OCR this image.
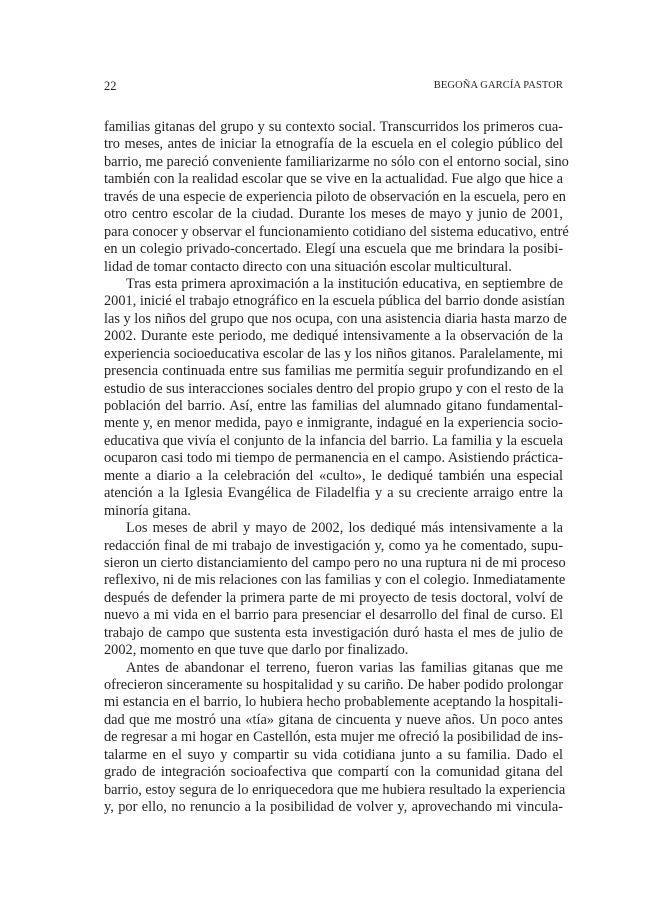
22	BEGOÑA GARCÍA PASTOR
familias gitanas del grupo y su contexto social. Transcurridos los primeros cua-
tro meses, antes de iniciar la etnografía de la escuela en el colegio público del
barrio, me pareció conveniente familiarizarme no sólo con el entorno social, sino
también con la realidad escolar que se vive en la actualidad. Fue algo que hice a
través de una especie de experiencia piloto de observación en la escuela, pero en
otro centro escolar de la ciudad. Durante los meses de mayo y junio de 2001,
para conocer y observar el funcionamiento cotidiano del sistema educativo, entré
en un colegio privado-concertado. Elegí una escuela que me brindara la posibi-
lidad de tomar contacto directo con una situación escolar multicultural.
Tras esta primera aproximación a la institución educativa, en septiembre de
2001, inicié el trabajo etnográfico en la escuela pública del barrio donde asistían
las y los niños del grupo que nos ocupa, con una asistencia diaria hasta marzo de
2002. Durante este periodo, me dediqué intensivamente a la observación de la
experiencia socioeducativa escolar de las y los niños gitanos. Paralelamente, mi
presencia continuada entre sus familias me permitía seguir profundizando en el
estudio de sus interacciones sociales dentro del propio grupo y con el resto de la
población del barrio. Así, entre las familias del alumnado gitano fundamental-
mente y, en menor medida, payo e inmigrante, indagué en la experiencia socio-
educativa que vivía el conjunto de la infancia del barrio. La familia y la escuela
ocuparon casi todo mi tiempo de permanencia en el campo. Asistiendo práctica-
mente a diario a la celebración del «culto», le dediqué también una especial
atención a la Iglesia Evangélica de Filadelfia y a su creciente arraigo entre la
minoría gitana.
Los meses de abril y mayo de 2002, los dediqué más intensivamente a la
redacción final de mi trabajo de investigación y, como ya he comentado, supu-
sieron un cierto distanciamiento del campo pero no una ruptura ni de mi proceso
reflexivo, ni de mis relaciones con las familias y con el colegio. Inmediatamente
después de defender la primera parte de mi proyecto de tesis doctoral, volví de
nuevo a mi vida en el barrio para presenciar el desarrollo del final de curso. El
trabajo de campo que sustenta esta investigación duró hasta el mes de julio de
2002, momento en que tuve que darlo por finalizado.
Antes de abandonar el terreno, fueron varias las familias gitanas que me
ofrecieron sinceramente su hospitalidad y su cariño. De haber podido prolongar
mi estancia en el barrio, lo hubiera hecho probablemente aceptando la hospitali-
dad que me mostró una «tía» gitana de cincuenta y nueve años. Un poco antes
de regresar a mi hogar en Castellón, esta mujer me ofreció la posibilidad de ins-
talarme en el suyo y compartir su vida cotidiana junto a su familia. Dado el
grado de integración socioafectiva que compartí con la comunidad gitana del
barrio, estoy segura de lo enriquecedora que me hubiera resultado la experiencia
y, por ello, no renuncio a la posibilidad de volver y, aprovechando mi vincula-
